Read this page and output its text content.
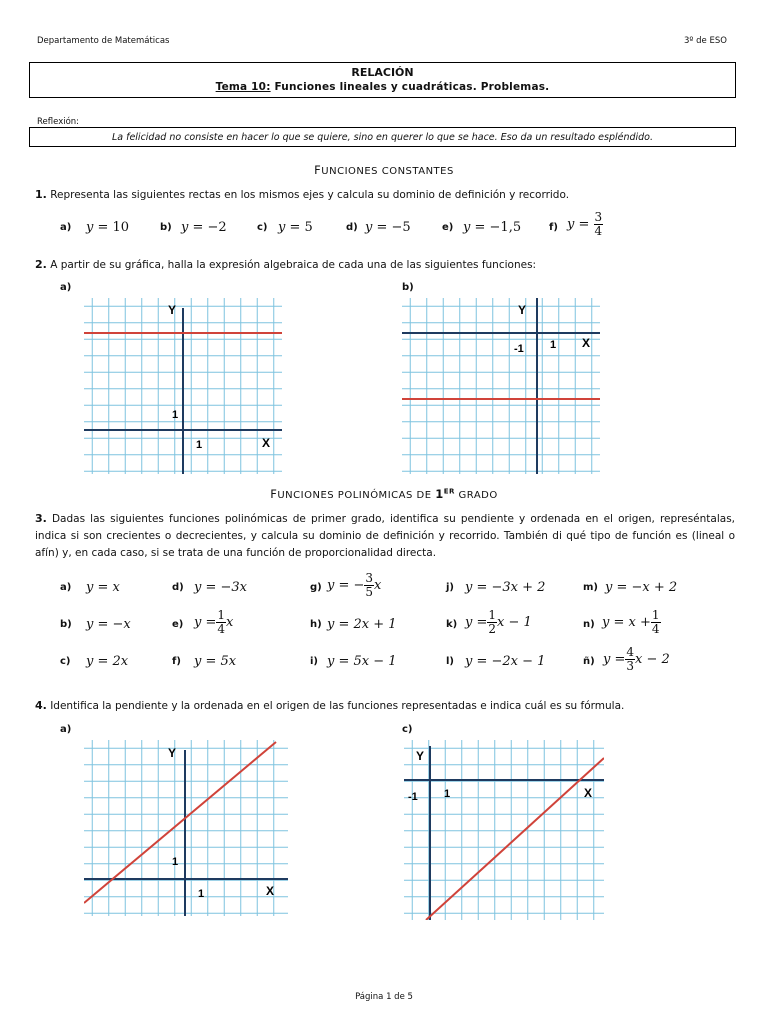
Departamento de Matemáticas	3º de ESO
RELACIÓN
Tema 10: Funciones lineales y cuadráticas. Problemas.
Reflexión:
La felicidad no consiste en hacer lo que se quiere, sino en querer lo que se hace. Eso da un resultado espléndido.
FUNCIONES CONSTANTES
1. Representa las siguientes rectas en los mismos ejes y calcula su dominio de definición y recorrido.
a) y = 10	b) y = −2	c) y = 5	d) y = −5	e) y = −1,5	f) $y = \frac{3}{4}$
2. A partir de su gráfica, halla la expresión algebraica de cada una de las siguientes funciones:
a)	b)
Y
X
1
1
Y
X
1
-1
FUNCIONES POLINÓMICAS DE 1ER GRADO
3. Dadas las siguientes funciones polinómicas de primer grado, identifica su pendiente y ordenada en el origen, represéntalas, indica si son crecientes o decrecientes, y calcula su dominio de definición y recorrido. También di qué tipo de función es (lineal o afín) y, en cada caso, si se trata de una función de proporcionalidad directa.
a) y = x	d) y = −3x	g) y = − $\frac{3}{5}$ x	j) y = −3x + 2	m) y = −x + 2
b) y = −x	e) $y = \frac{1}{4}$ x	h) y = 2x + 1	k) $y = \frac{1}{2}$ x − 1	n) $y = x + \frac{1}{4}$
c) y = 2x	f) y = 5x	i) y = 5x − 1	l) y = −2x − 1	ñ) $y = \frac{4}{3}$ x − 2
4. Identifica la pendiente y la ordenada en el origen de las funciones representadas e indica cuál es su fórmula.
a)	c)
Y
X
1
1
Y
X
1
-1
Página 1 de 5
